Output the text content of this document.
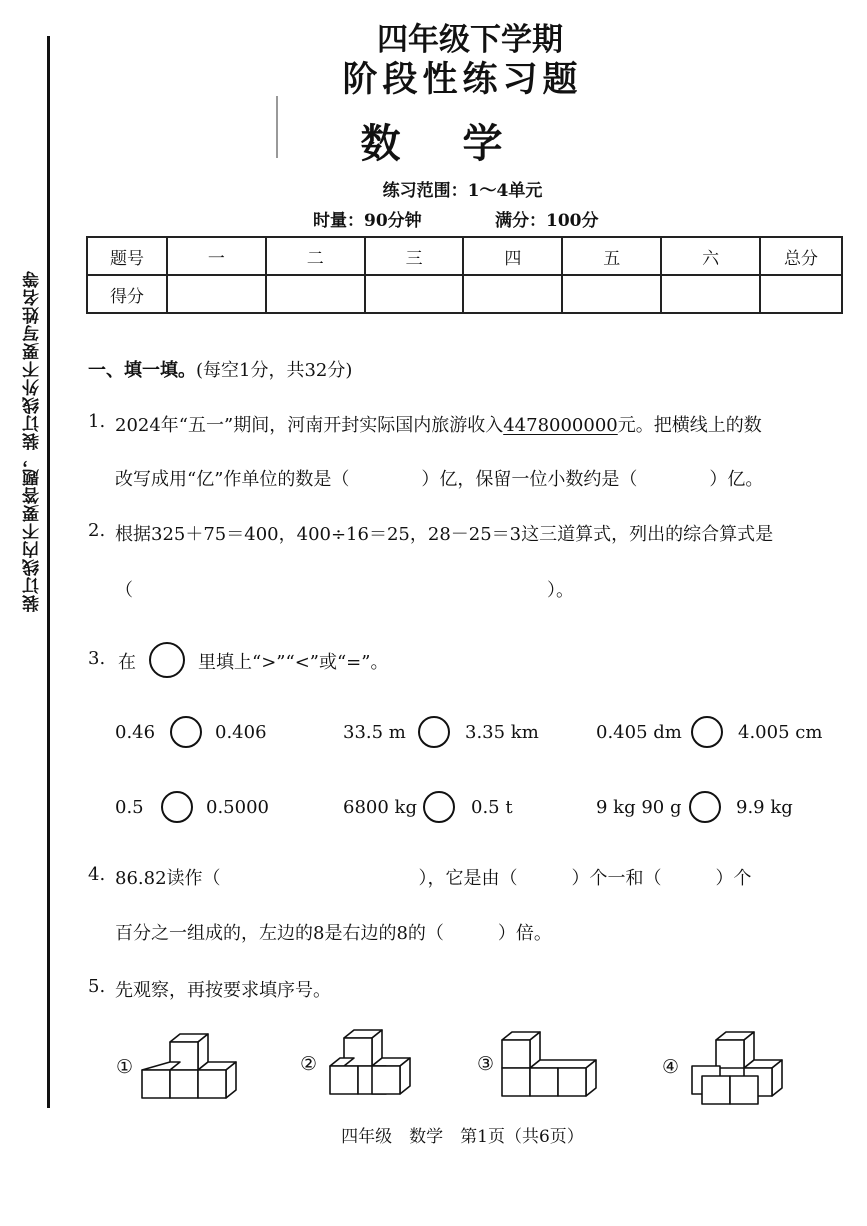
装订线内不要答题，装订线外不要写姓名等
四年级下学期
阶段性练习题
数学
练习范围：1～4单元
时量：90分钟	满分：100分
题号	一	二	三	四	五	六	总分
得分							
一、填一填。(每空1分，共32分)
1. 2024年“五一”期间，河南开封实际国内旅游收入4478000000元。把横线上的数
改写成用“亿”作单位的数是（　　　　）亿，保留一位小数约是（　　　　）亿。
2. 根据325＋75＝400，400÷16＝25，28－25＝3这三道算式，列出的综合算式是
（　　　　　　　　　　　　　　　　　　　　　　　）。
3. 在	里填上“>”“<”或“=”。
0.46	0.406	33.5 m	3.35 km	0.405 dm	4.005 cm
0.5	0.5000	6800 kg	0.5 t	9 kg 90 g	9.9 kg
4. 86.82读作（　　　　　　　　　　　），它是由（　　　）个一和（　　　）个
百分之一组成的，左边的8是右边的8的（　　　）倍。
5. 先观察，再按要求填序号。
①	②	③	④
四年级　数学　第1页（共6页）
